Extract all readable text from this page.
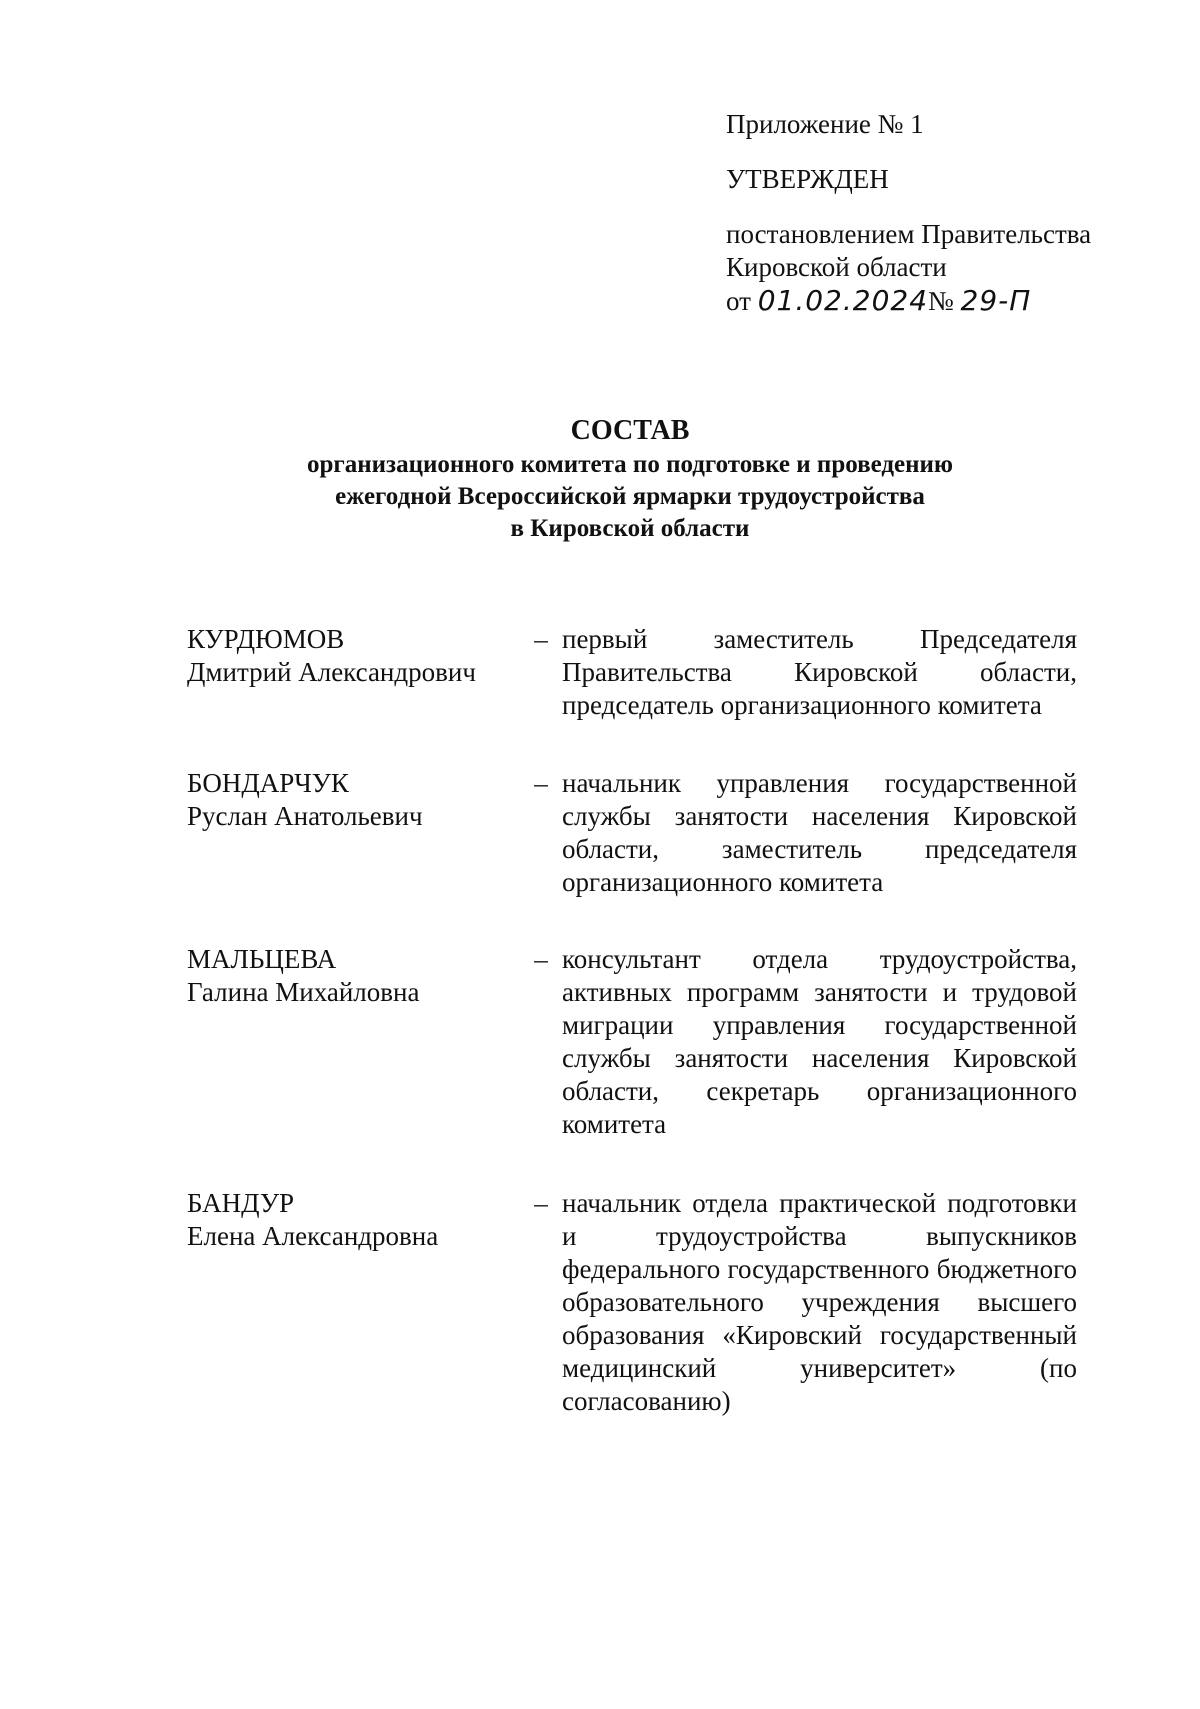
Приложение № 1

УТВЕРЖДЕН

постановлением Правительства
Кировской области
от 01.02.2024№ 29-П

СОСТАВ

организационного комитета по подготовке и проведению

ежегодной Всероссийской ярмарки трудоустройства

в Кировской области

КУРДЮМОВ
Дмитрий Александрович
– первый заместитель Председателя Правительства Кировской области, председатель организационного комитета
БОНДАРЧУК
Руслан Анатольевич
– начальник управления государственной службы занятости населения Кировской области, заместитель председателя организационного комитета
МАЛЬЦЕВА
Галина Михайловна
– консультант отдела трудоустройства, активных программ занятости и трудовой миграции управления государственной службы занятости населения Кировской области, секретарь организационного комитета
БАНДУР
Елена Александровна
– начальник отдела практической подготовки и трудоустройства выпускников федерального государственного бюджетного образовательного учреждения высшего образования «Кировский государственный медицинский университет» (по согласованию)
